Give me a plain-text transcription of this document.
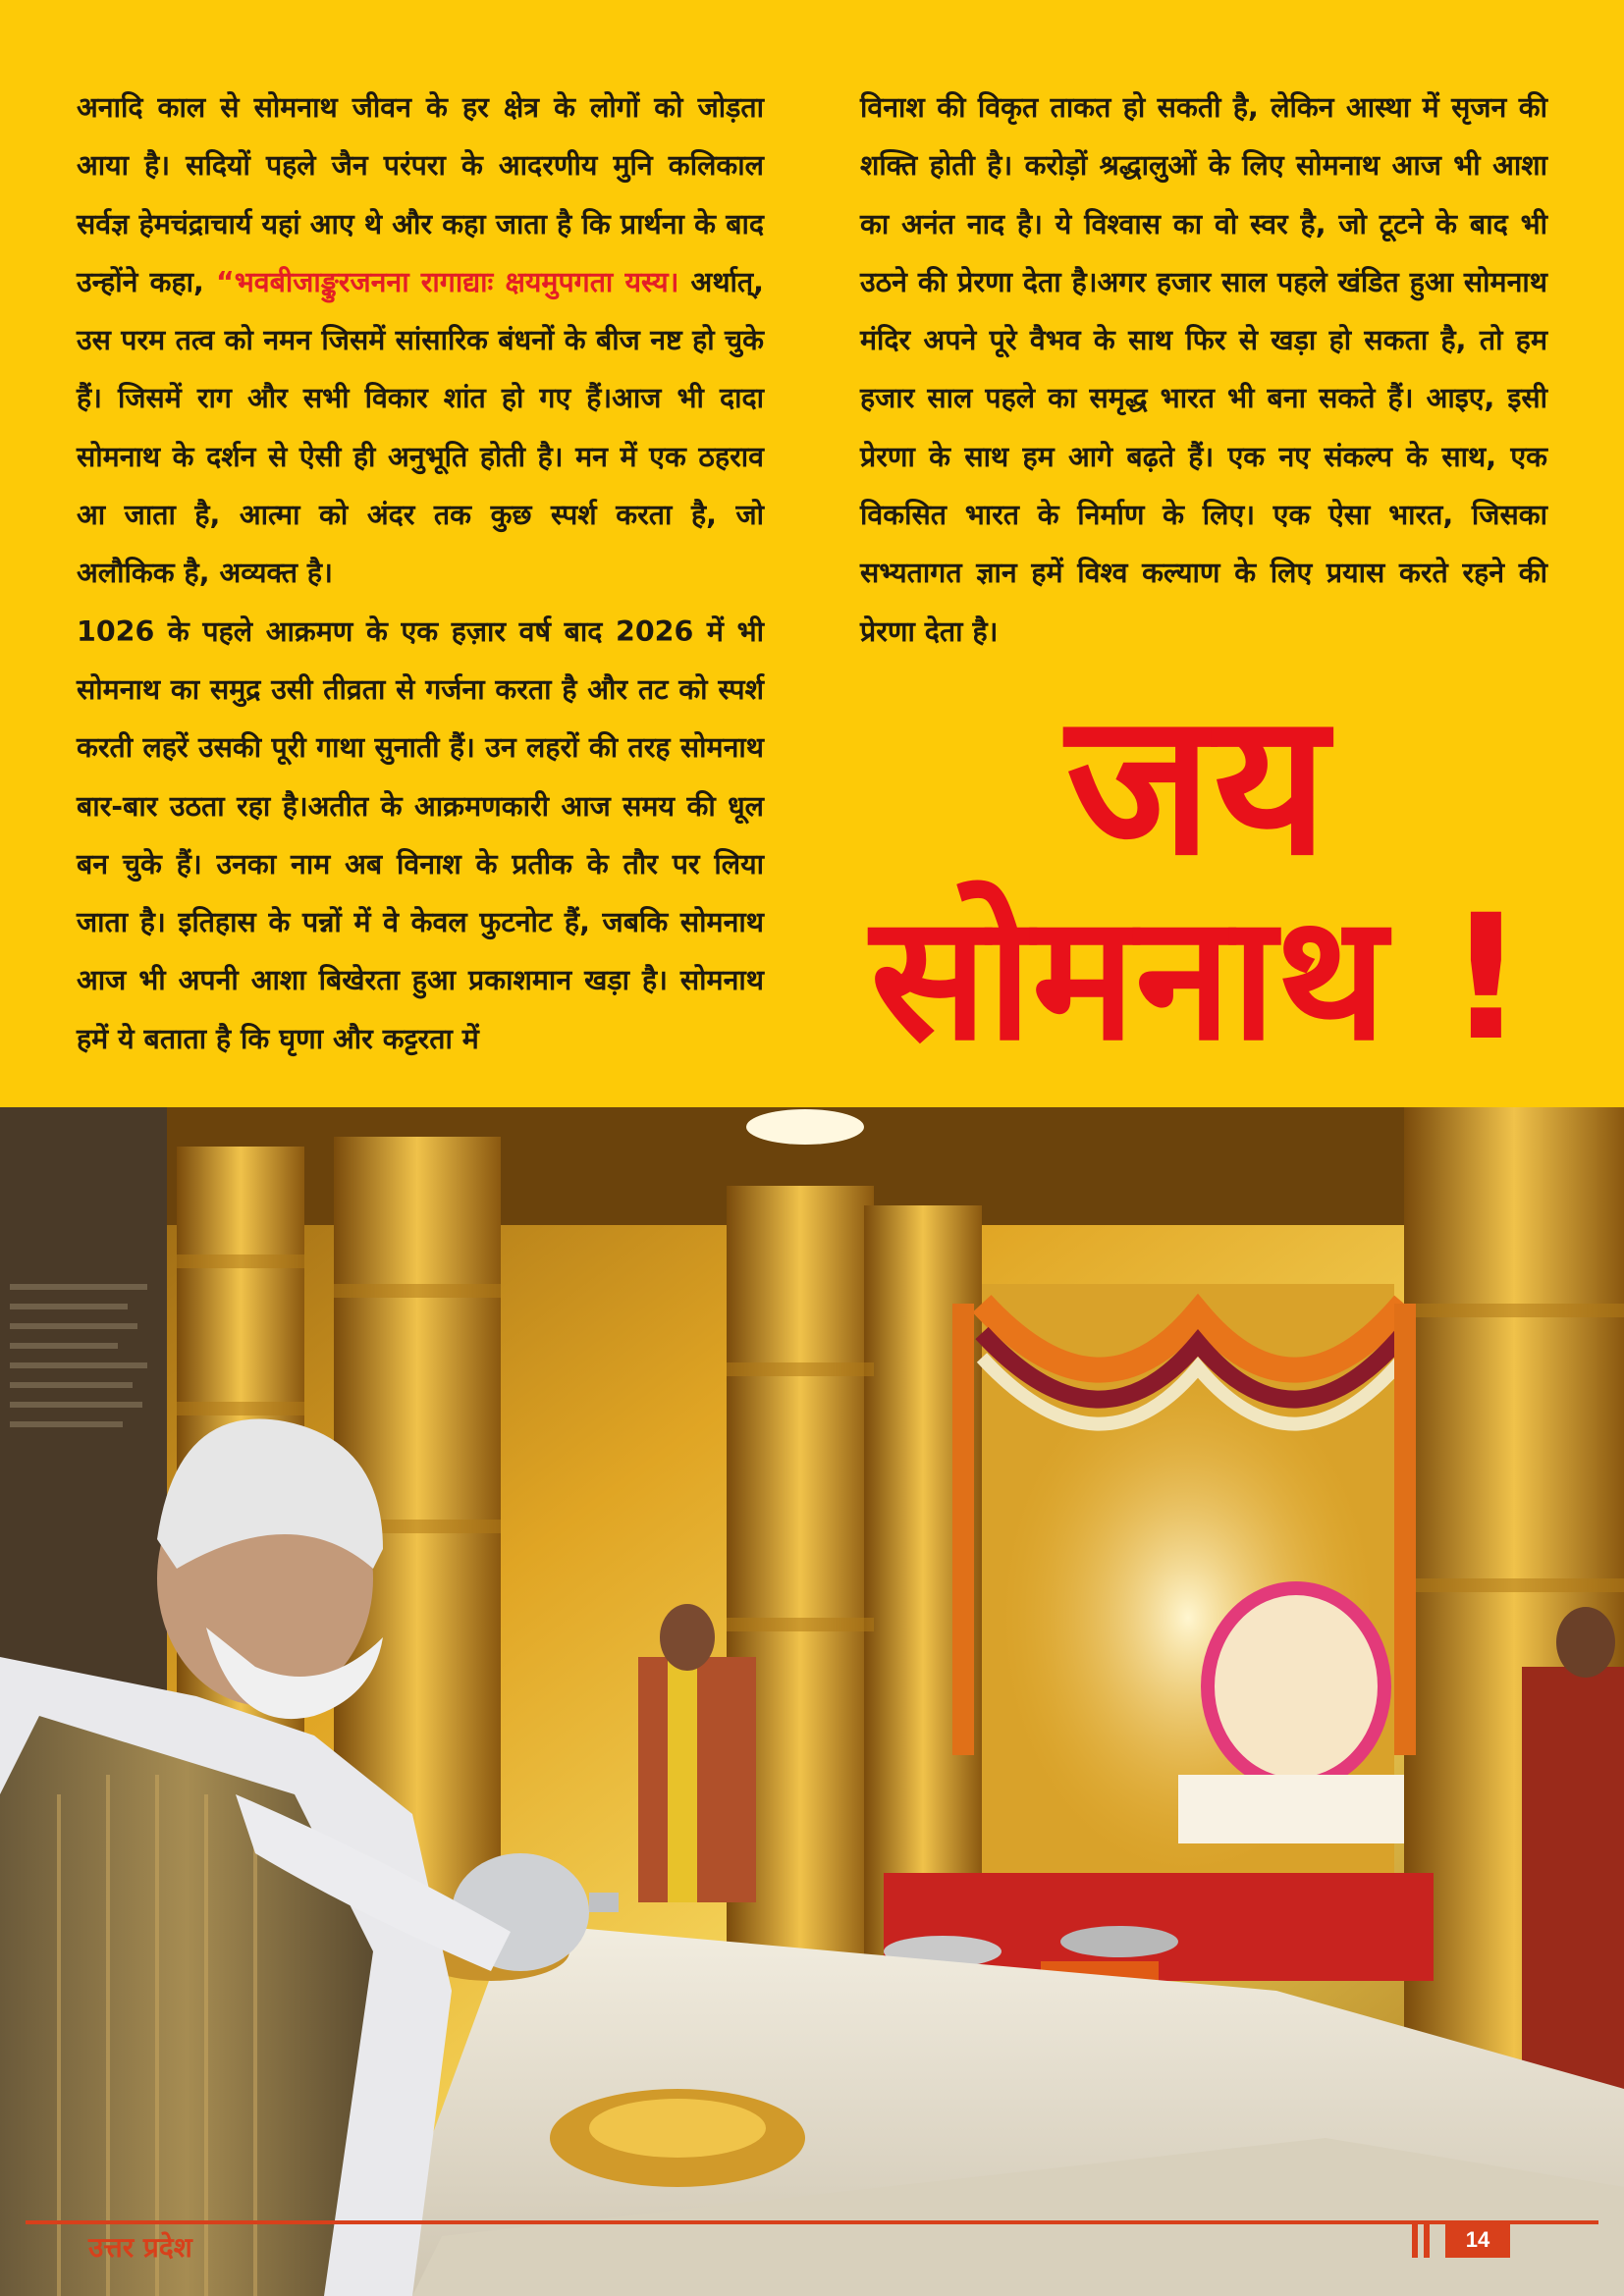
अनादि काल से सोमनाथ जीवन के हर क्षेत्र के लोगों को जोड़ता आया है। सदियों पहले जैन परंपरा के आदरणीय मुनि कलिकाल सर्वज्ञ हेमचंद्राचार्य यहां आए थे और कहा जाता है कि प्रार्थना के बाद उन्होंने कहा, “भवबीजाङ्कुरजनना रागाद्याः क्षयमुपगता यस्य। अर्थात्, उस परम तत्व को नमन जिसमें सांसारिक बंधनों के बीज नष्ट हो चुके हैं। जिसमें राग और सभी विकार शांत हो गए हैं।आज भी दादा सोमनाथ के दर्शन से ऐसी ही अनुभूति होती है। मन में एक ठहराव आ जाता है, आत्मा को अंदर तक कुछ स्पर्श करता है, जो अलौकिक है, अव्यक्त है।

1026 के पहले आक्रमण के एक हज़ार वर्ष बाद 2026 में भी सोमनाथ का समुद्र उसी तीव्रता से गर्जना करता है और तट को स्पर्श करती लहरें उसकी पूरी गाथा सुनाती हैं। उन लहरों की तरह सोमनाथ बार-बार उठता रहा है।अतीत के आक्रमणकारी आज समय की धूल बन चुके हैं। उनका नाम अब विनाश के प्रतीक के तौर पर लिया जाता है। इतिहास के पन्नों में वे केवल फुटनोट हैं, जबकि सोमनाथ आज भी अपनी आशा बिखेरता हुआ प्रकाशमान खड़ा है। सोमनाथ हमें ये बताता है कि घृणा और कट्टरता में

विनाश की विकृत ताकत हो सकती है, लेकिन आस्था में सृजन की शक्ति होती है। करोड़ों श्रद्धालुओं के लिए सोमनाथ आज भी आशा का अनंत नाद है। ये विश्वास का वो स्वर है, जो टूटने के बाद भी उठने की प्रेरणा देता है।अगर हजार साल पहले खंडित हुआ सोमनाथ मंदिर अपने पूरे वैभव के साथ फिर से खड़ा हो सकता है, तो हम हजार साल पहले का समृद्ध भारत भी बना सकते हैं। आइए, इसी प्रेरणा के साथ हम आगे बढ़ते हैं। एक नए संकल्प के साथ, एक विकसित भारत के निर्माण के लिए। एक ऐसा भारत, जिसका सभ्यतागत ज्ञान हमें विश्व कल्याण के लिए प्रयास करते रहने की प्रेरणा देता है।

जय
सोमनाथ !
उत्तर प्रदेश	14
